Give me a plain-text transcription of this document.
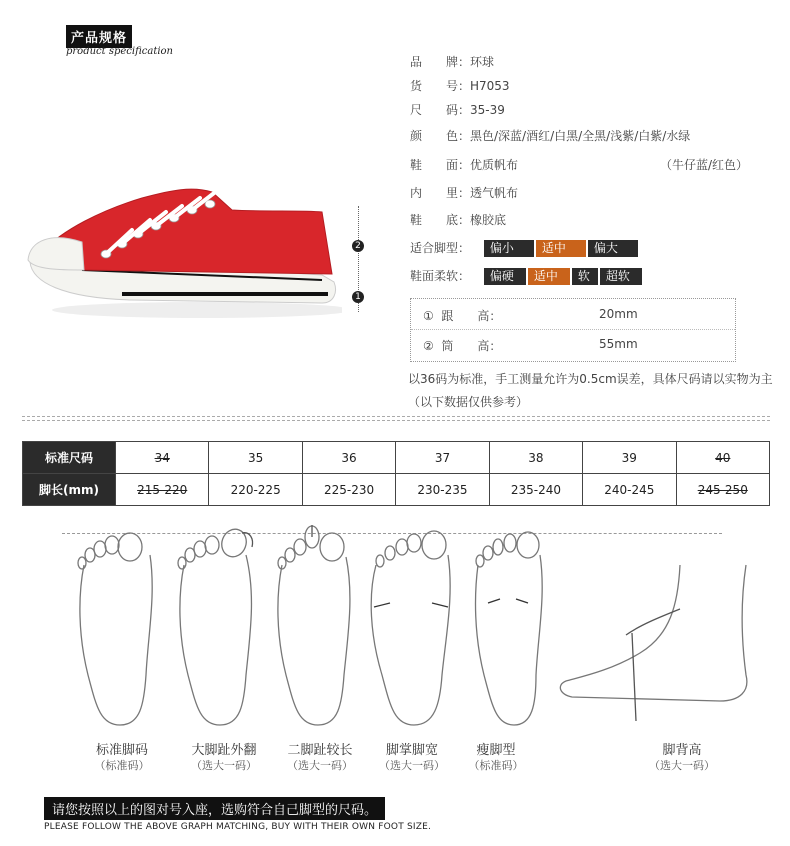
产品规格
product specification
2
1
品　　牌：环球
货　　号：H7053
尺　　码：35-39
颜　　色：黑色/深蓝/酒红/白黑/全黑/浅紫/白紫/水绿
鞋　　面：优质帆布	（牛仔蓝/红色）
内　　里：透气帆布
鞋　　底：橡胶底
适合脚型： 偏小 适中 偏大
鞋面柔软： 偏硬 适中 软 超软
① 跟　　高：	20mm
② 筒　　高：	55mm
以36码为标准，手工测量允许为0.5cm误差，具体尺码请以实物为主
（以下数据仅供参考）
标准尺码	34	35	36	37	38	39	40
脚长(mm)	215-220	220-225	225-230	230-235	235-240	240-245	245-250
标准脚码
（标准码）
大脚趾外翻
（选大一码）
二脚趾较长
（选大一码）
脚掌脚宽
（选大一码）
瘦脚型
（标准码）
脚背高
（选大一码）
请您按照以上的图对号入座，选购符合自己脚型的尺码。
PLEASE FOLLOW THE ABOVE GRAPH MATCHING, BUY WITH THEIR OWN FOOT SIZE.
